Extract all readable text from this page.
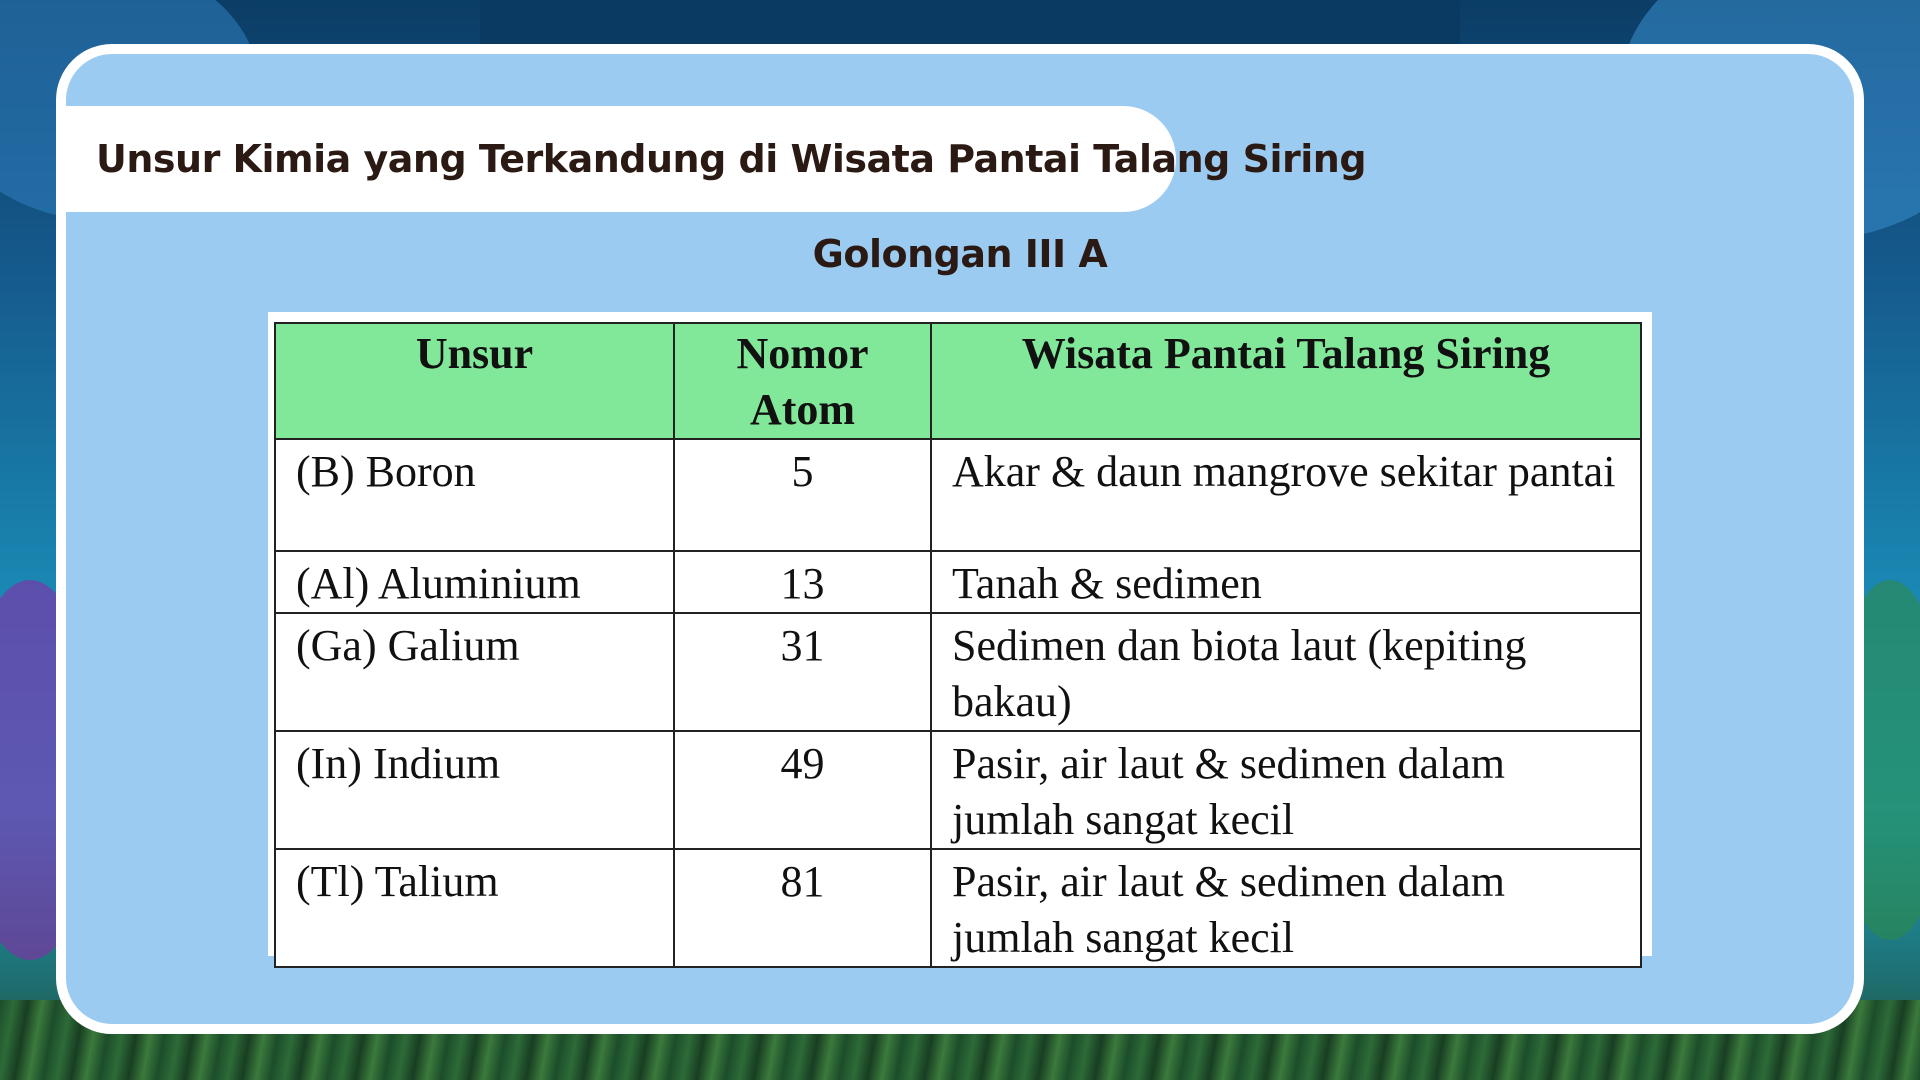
Unsur Kimia yang Terkandung di Wisata Pantai Talang Siring
Golongan III A
Unsur	Nomor Atom	Wisata Pantai Talang Siring
(B) Boron	5	Akar & daun mangrove sekitar pantai
(Al) Aluminium	13	Tanah & sedimen
(Ga) Galium	31	Sedimen dan biota laut (kepiting bakau)
(In) Indium	49	Pasir, air laut & sedimen dalam jumlah sangat kecil
(Tl) Talium	81	Pasir, air laut & sedimen dalam jumlah sangat kecil
